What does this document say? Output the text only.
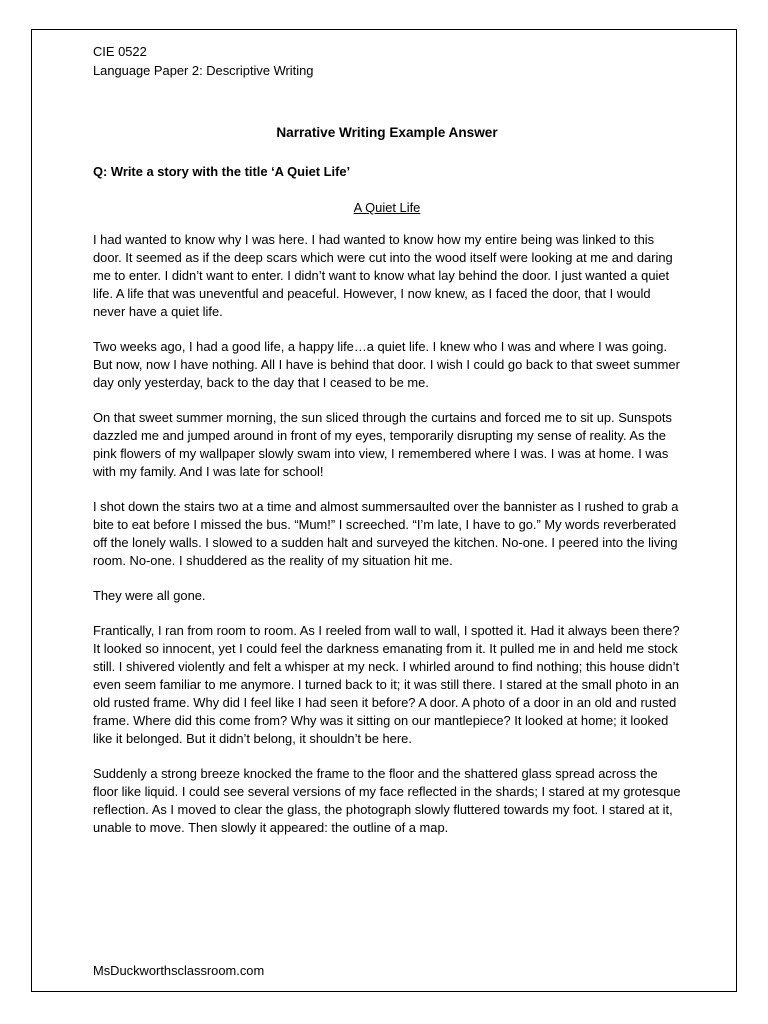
CIE 0522

Language Paper 2: Descriptive Writing

Narrative Writing Example Answer

Q: Write a story with the title ‘A Quiet Life’

A Quiet Life

I had wanted to know why I was here. I had wanted to know how my entire being was linked to this door. It seemed as if the deep scars which were cut into the wood itself were looking at me and daring me to enter. I didn’t want to enter. I didn’t want to know what lay behind the door. I just wanted a quiet life. A life that was uneventful and peaceful. However, I now knew, as I faced the door, that I would never have a quiet life.

Two weeks ago, I had a good life, a happy life…a quiet life. I knew who I was and where I was going. But now, now I have nothing. All I have is behind that door. I wish I could go back to that sweet summer day only yesterday, back to the day that I ceased to be me.

On that sweet summer morning, the sun sliced through the curtains and forced me to sit up. Sunspots dazzled me and jumped around in front of my eyes, temporarily disrupting my sense of reality. As the pink flowers of my wallpaper slowly swam into view, I remembered where I was. I was at home. I was with my family. And I was late for school!

I shot down the stairs two at a time and almost summersaulted over the bannister as I rushed to grab a bite to eat before I missed the bus. “Mum!” I screeched. “I’m late, I have to go.” My words reverberated off the lonely walls. I slowed to a sudden halt and surveyed the kitchen. No-one. I peered into the living room. No-one. I shuddered as the reality of my situation hit me.

They were all gone.

Frantically, I ran from room to room. As I reeled from wall to wall, I spotted it. Had it always been there? It looked so innocent, yet I could feel the darkness emanating from it. It pulled me in and held me stock still. I shivered violently and felt a whisper at my neck. I whirled around to find nothing; this house didn’t even seem familiar to me anymore. I turned back to it; it was still there. I stared at the small photo in an old rusted frame. Why did I feel like I had seen it before? A door. A photo of a door in an old and rusted frame. Where did this come from? Why was it sitting on our mantlepiece? It looked at home; it looked like it belonged. But it didn’t belong, it shouldn’t be here.

Suddenly a strong breeze knocked the frame to the floor and the shattered glass spread across the floor like liquid. I could see several versions of my face reflected in the shards; I stared at my grotesque reflection. As I moved to clear the glass, the photograph slowly fluttered towards my foot. I stared at it, unable to move. Then slowly it appeared: the outline of a map.

MsDuckworthsclassroom.com
